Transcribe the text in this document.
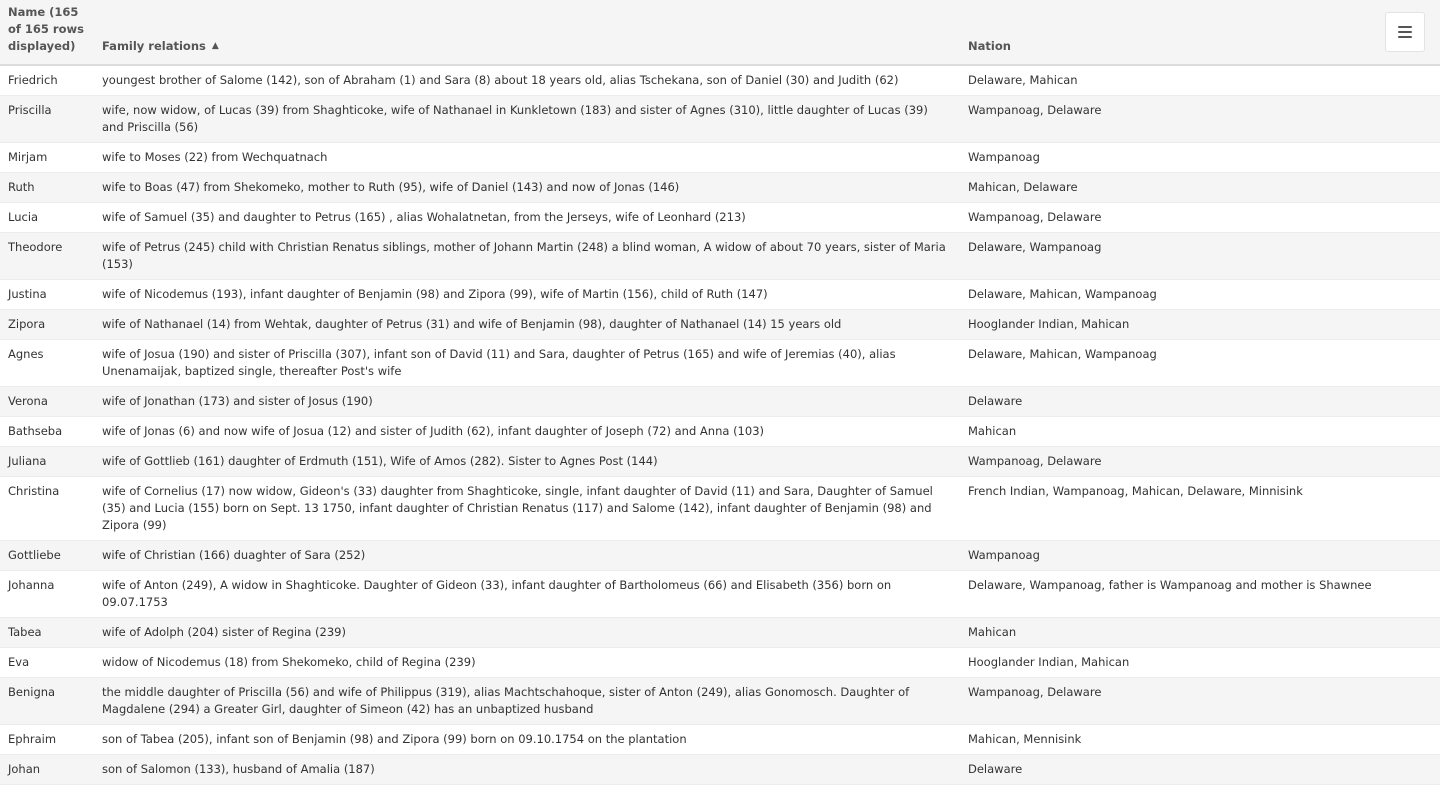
Name (165 of 165 rows displayed)	Family relations ▲	Nation
Friedrich	youngest brother of Salome (142), son of Abraham (1) and Sara (8) about 18 years old, alias Tschekana, son of Daniel (30) and Judith (62)	Delaware, Mahican
Priscilla	wife, now widow, of Lucas (39) from Shaghticoke, wife of Nathanael in Kunkletown (183) and sister of Agnes (310), little daughter of Lucas (39) and Priscilla (56)	Wampanoag, Delaware
Mirjam	wife to Moses (22) from Wechquatnach	Wampanoag
Ruth	wife to Boas (47) from Shekomeko, mother to Ruth (95), wife of Daniel (143) and now of Jonas (146)	Mahican, Delaware
Lucia	wife of Samuel (35) and daughter to Petrus (165) , alias Wohalatnetan, from the Jerseys, wife of Leonhard (213)	Wampanoag, Delaware
Theodore	wife of Petrus (245) child with Christian Renatus siblings, mother of Johann Martin (248) a blind woman, A widow of about 70 years, sister of Maria (153)	Delaware, Wampanoag
Justina	wife of Nicodemus (193), infant daughter of Benjamin (98) and Zipora (99), wife of Martin (156), child of Ruth (147)	Delaware, Mahican, Wampanoag
Zipora	wife of Nathanael (14) from Wehtak, daughter of Petrus (31) and wife of Benjamin (98), daughter of Nathanael (14) 15 years old	Hooglander Indian, Mahican
Agnes	wife of Josua (190) and sister of Priscilla (307), infant son of David (11) and Sara, daughter of Petrus (165) and wife of Jeremias (40), alias Unenamaijak, baptized single, thereafter Post's wife	Delaware, Mahican, Wampanoag
Verona	wife of Jonathan (173) and sister of Josus (190)	Delaware
Bathseba	wife of Jonas (6) and now wife of Josua (12) and sister of Judith (62), infant daughter of Joseph (72) and Anna (103)	Mahican
Juliana	wife of Gottlieb (161) daughter of Erdmuth (151), Wife of Amos (282). Sister to Agnes Post (144)	Wampanoag, Delaware
Christina	wife of Cornelius (17) now widow, Gideon's (33) daughter from Shaghticoke, single, infant daughter of David (11) and Sara, Daughter of Samuel (35) and Lucia (155) born on Sept. 13 1750, infant daughter of Christian Renatus (117) and Salome (142), infant daughter of Benjamin (98) and Zipora (99)	French Indian, Wampanoag, Mahican, Delaware, Minnisink
Gottliebe	wife of Christian (166) duaghter of Sara (252)	Wampanoag
Johanna	wife of Anton (249), A widow in Shaghticoke. Daughter of Gideon (33), infant daughter of Bartholomeus (66) and Elisabeth (356) born on 09.07.1753	Delaware, Wampanoag, father is Wampanoag and mother is Shawnee
Tabea	wife of Adolph (204) sister of Regina (239)	Mahican
Eva	widow of Nicodemus (18) from Shekomeko, child of Regina (239)	Hooglander Indian, Mahican
Benigna	the middle daughter of Priscilla (56) and wife of Philippus (319), alias Machtschahoque, sister of Anton (249), alias Gonomosch. Daughter of Magdalene (294) a Greater Girl, daughter of Simeon (42) has an unbaptized husband	Wampanoag, Delaware
Ephraim	son of Tabea (205), infant son of Benjamin (98) and Zipora (99) born on 09.10.1754 on the plantation	Mahican, Mennisink
Johan	son of Salomon (133), husband of Amalia (187)	Delaware
